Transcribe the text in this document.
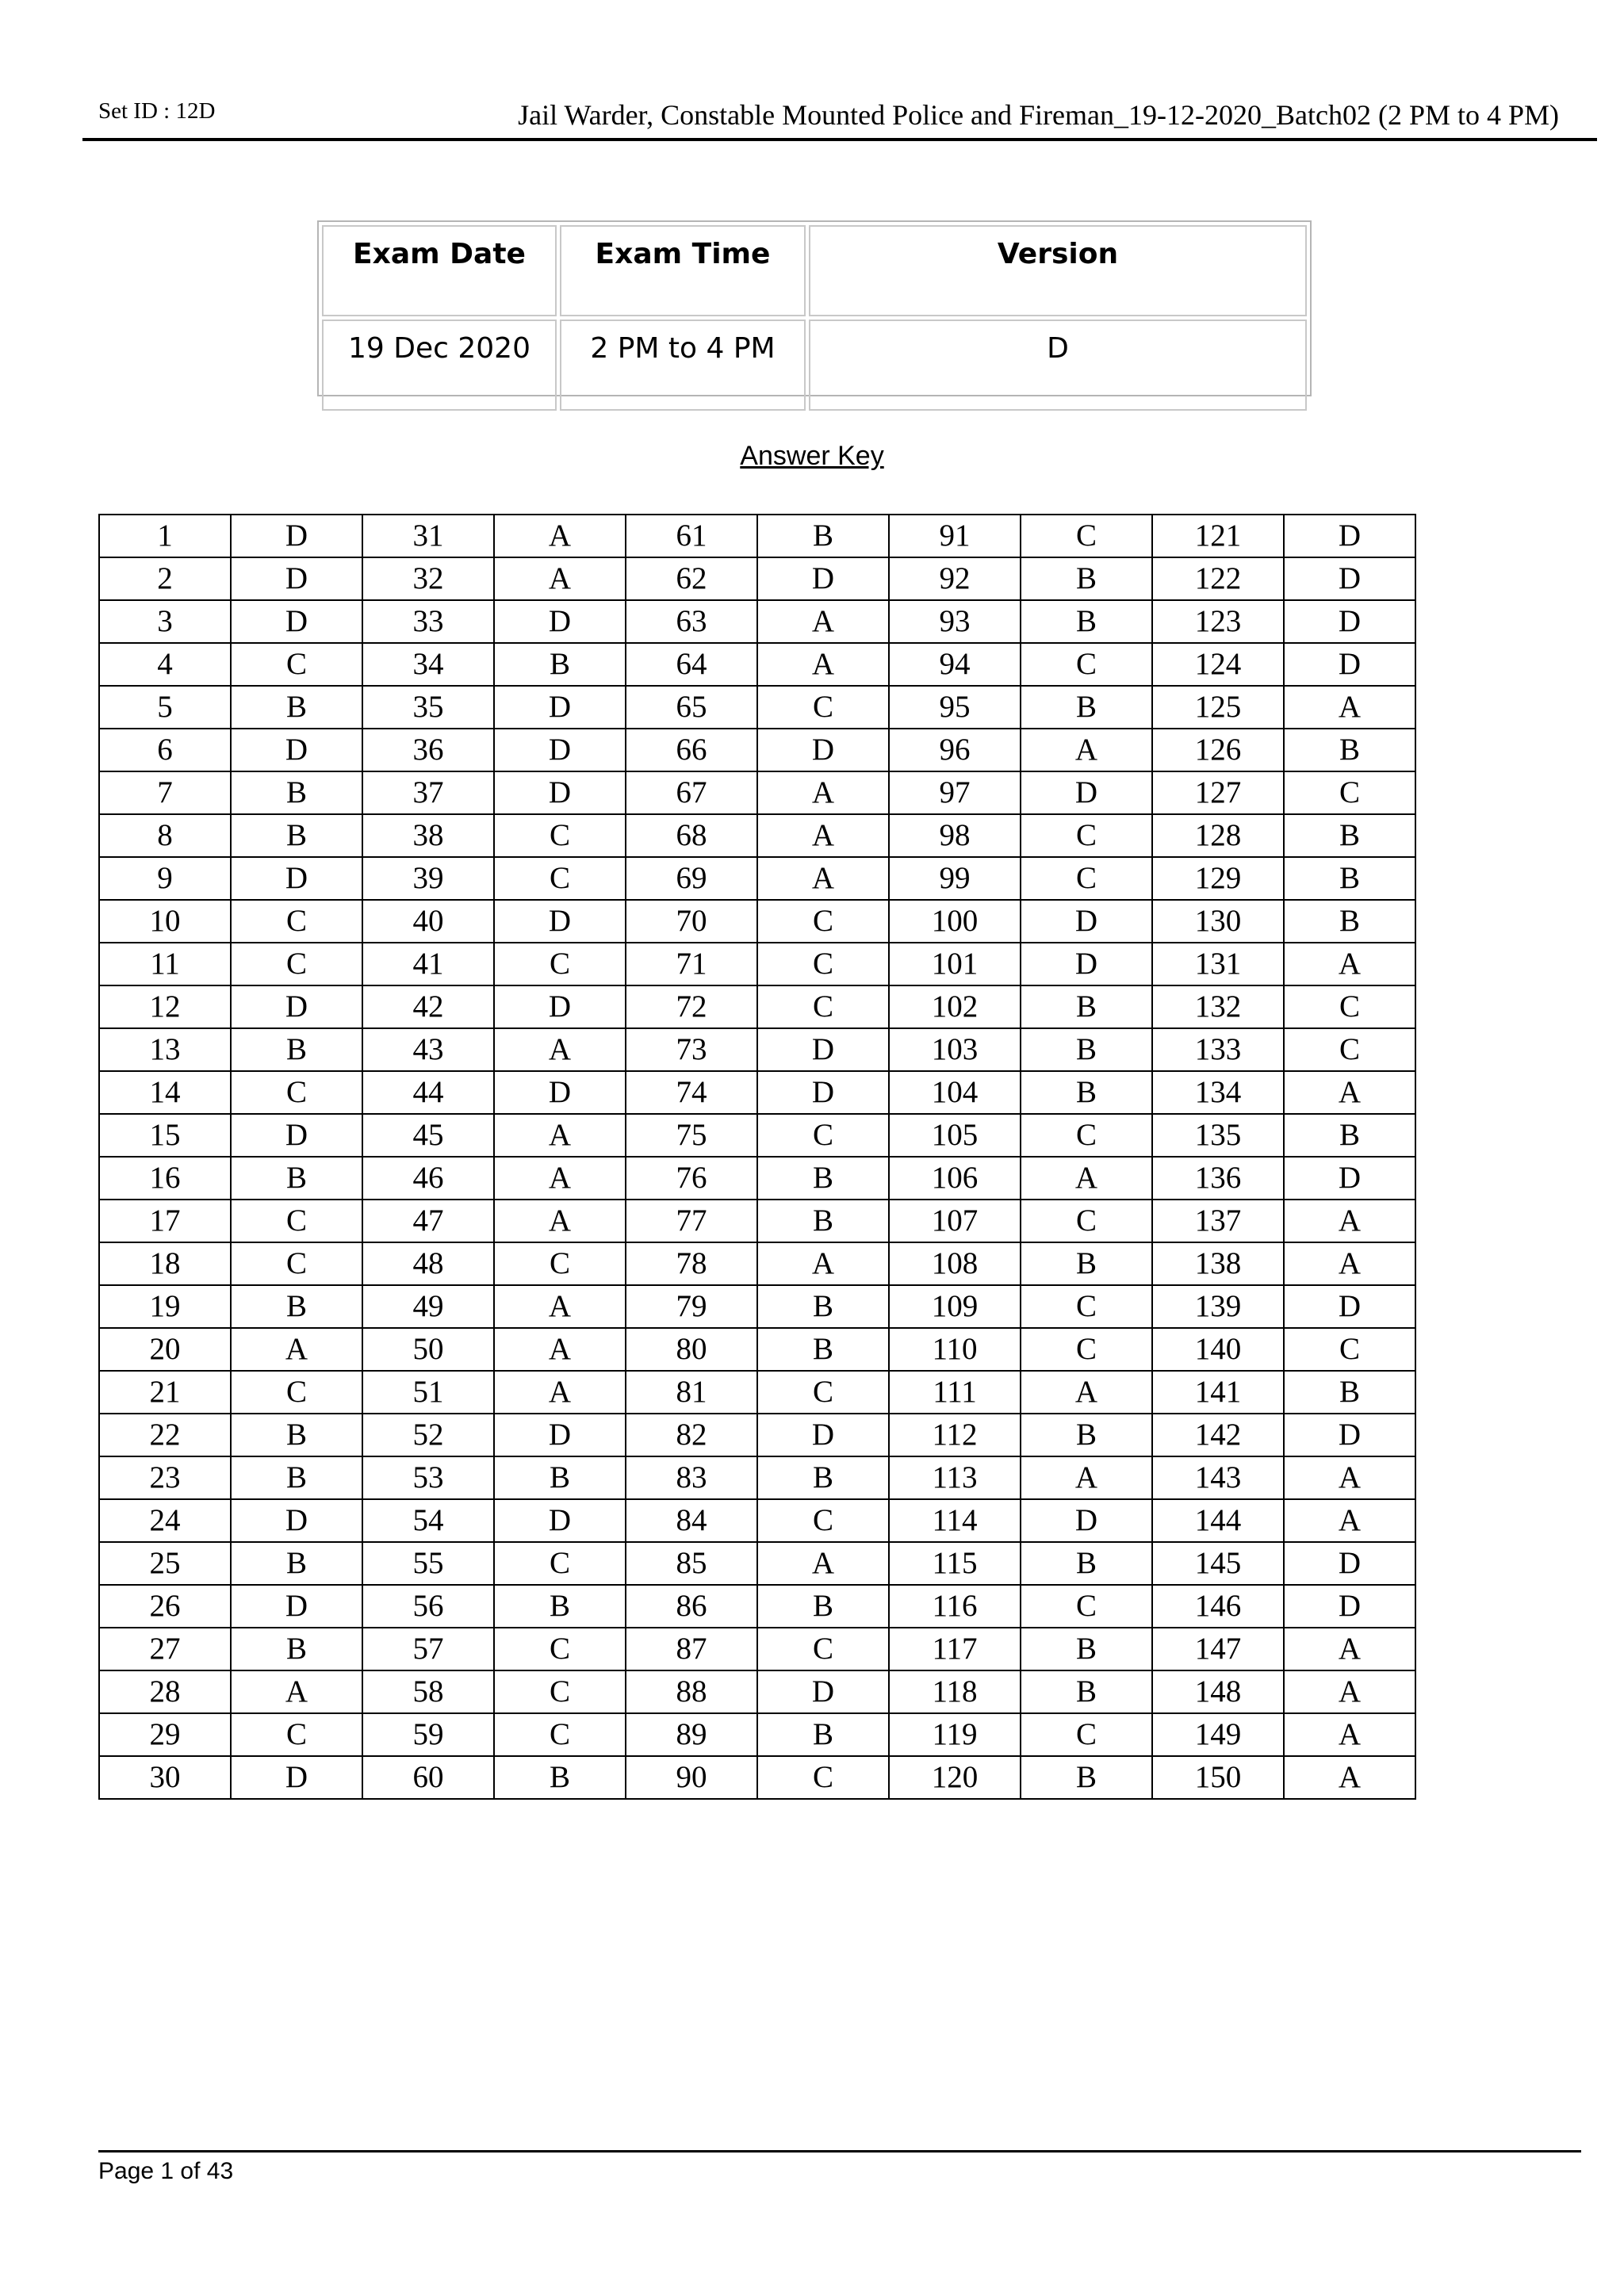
Set ID : 12D	Jail Warder, Constable Mounted Police and Fireman_19-12-2020_Batch02 (2 PM to 4 PM)
Exam Date	Exam Time	Version
19 Dec 2020	2 PM to 4 PM	D
Answer Key
1	D	31	A	61	B	91	C	121	D
2	D	32	A	62	D	92	B	122	D
3	D	33	D	63	A	93	B	123	D
4	C	34	B	64	A	94	C	124	D
5	B	35	D	65	C	95	B	125	A
6	D	36	D	66	D	96	A	126	B
7	B	37	D	67	A	97	D	127	C
8	B	38	C	68	A	98	C	128	B
9	D	39	C	69	A	99	C	129	B
10	C	40	D	70	C	100	D	130	B
11	C	41	C	71	C	101	D	131	A
12	D	42	D	72	C	102	B	132	C
13	B	43	A	73	D	103	B	133	C
14	C	44	D	74	D	104	B	134	A
15	D	45	A	75	C	105	C	135	B
16	B	46	A	76	B	106	A	136	D
17	C	47	A	77	B	107	C	137	A
18	C	48	C	78	A	108	B	138	A
19	B	49	A	79	B	109	C	139	D
20	A	50	A	80	B	110	C	140	C
21	C	51	A	81	C	111	A	141	B
22	B	52	D	82	D	112	B	142	D
23	B	53	B	83	B	113	A	143	A
24	D	54	D	84	C	114	D	144	A
25	B	55	C	85	A	115	B	145	D
26	D	56	B	86	B	116	C	146	D
27	B	57	C	87	C	117	B	147	A
28	A	58	C	88	D	118	B	148	A
29	C	59	C	89	B	119	C	149	A
30	D	60	B	90	C	120	B	150	A
Page 1 of 43
